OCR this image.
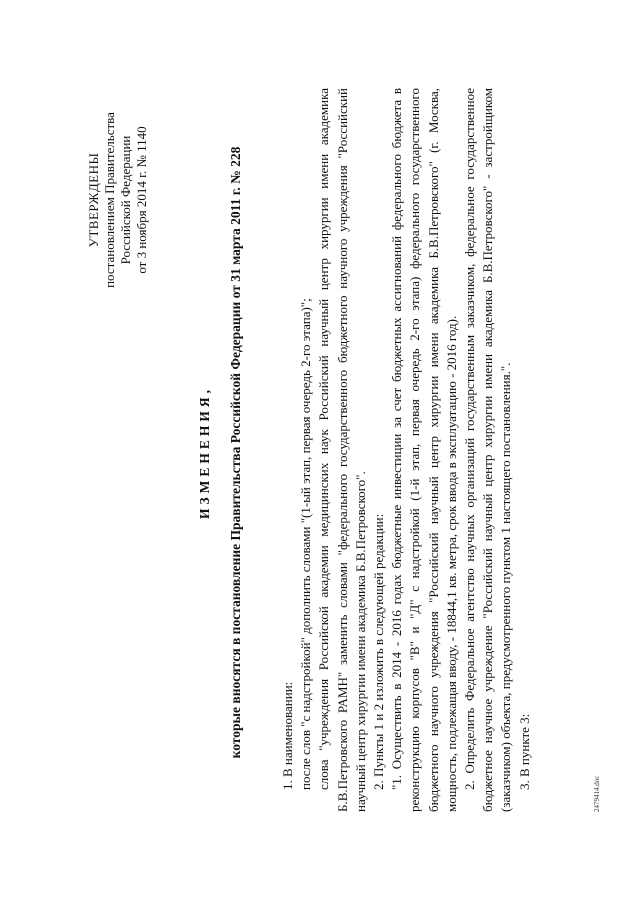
УТВЕРЖДЕНЫ постановлением Правительства Российской Федерации от 3 ноября 2014 г. № 1140
ИЗМЕНЕНИЯ, которые вносятся в постановление Правительства Российской Федерации от 31 марта 2011 г. № 228	1. В наименовании: после слов "с надстройкой" дополнить словами "(1-ый этап, первая очередь 2-го этапа)"; слова "учреждения Российской академии медицинских наук Российский научный центр хирургии имени академика Б.В.Петровского РАМН" заменить словами "федерального государственного бюджетного научного учреждения "Российский научный центр хирургии имени академика Б.В.Петровского". 2. Пункты 1 и 2 изложить в следующей редакции: "1. Осуществить в 2014 - 2016 годах бюджетные инвестиции за счет бюджетных ассигнований федерального бюджета в реконструкцию корпусов "В" и "Д" с надстройкой (1-й этап, первая очередь 2-го этапа) федерального государственного бюджетного научного учреждения "Российский научный центр хирургии имени академика Б.В.Петровского" (г. Москва, мощность, подлежащая вводу, - 18844,1 кв. метра, срок ввода в эксплуатацию - 2016 год). 2. Определить Федеральное агентство научных организаций государственным заказчиком, федеральное государственное бюджетное научное учреждение "Российский научный центр хирургии имени академика Б.В.Петровского" - застройщиком (заказчиком) объекта, предусмотренного пунктом 1 настоящего постановления.". 3. В пункте 3:

2479414.doc
